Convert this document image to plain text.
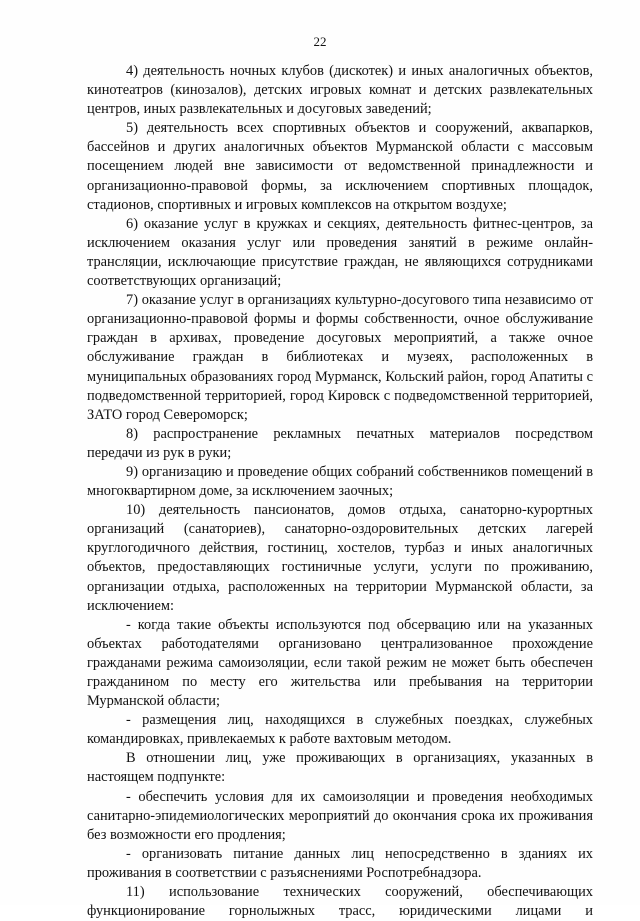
22

4) деятельность ночных клубов (дискотек) и иных аналогичных объектов, кинотеатров (кинозалов), детских игровых комнат и детских развлекательных центров, иных развлекательных и досуговых заведений;

5) деятельность всех спортивных объектов и сооружений, аквапарков, бассейнов и других аналогичных объектов Мурманской области с массовым посещением людей вне зависимости от ведомственной принадлежности и организационно-правовой формы, за исключением спортивных площадок, стадионов, спортивных и игровых комплексов на открытом воздухе;

6) оказание услуг в кружках и секциях, деятельность фитнес-центров, за исключением оказания услуг или проведения занятий в режиме онлайн-трансляции, исключающие присутствие граждан, не являющихся сотрудниками соответствующих организаций;

7) оказание услуг в организациях культурно-досугового типа независимо от организационно-правовой формы и формы собственности, очное обслуживание граждан в архивах, проведение досуговых мероприятий, а также очное обслуживание граждан в библиотеках и музеях, расположенных в муниципальных образованиях город Мурманск, Кольский район, город Апатиты с подведомственной территорией, город Кировск с подведомственной территорией, ЗАТО город Североморск;

8) распространение рекламных печатных материалов посредством передачи из рук в руки;

9) организацию и проведение общих собраний собственников помещений в многоквартирном доме, за исключением заочных;

10) деятельность пансионатов, домов отдыха, санаторно-курортных организаций (санаториев), санаторно-оздоровительных детских лагерей круглогодичного действия, гостиниц, хостелов, турбаз и иных аналогичных объектов, предоставляющих гостиничные услуги, услуги по проживанию, организации отдыха, расположенных на территории Мурманской области, за исключением:

- когда такие объекты используются под обсервацию или на указанных объектах работодателями организовано централизованное прохождение гражданами режима самоизоляции, если такой режим не может быть обеспечен гражданином по месту его жительства или пребывания на территории Мурманской области;

- размещения лиц, находящихся в служебных поездках, служебных командировках, привлекаемых к работе вахтовым методом.

В отношении лиц, уже проживающих в организациях, указанных в настоящем подпункте:

- обеспечить условия для их самоизоляции и проведения необходимых санитарно-эпидемиологических мероприятий до окончания срока их проживания без возможности его продления;

- организовать питание данных лиц непосредственно в зданиях их проживания в соответствии с разъяснениями Роспотребнадзора.

11) использование технических сооружений, обеспечивающих функционирование горнолыжных трасс, юридическими лицами и
